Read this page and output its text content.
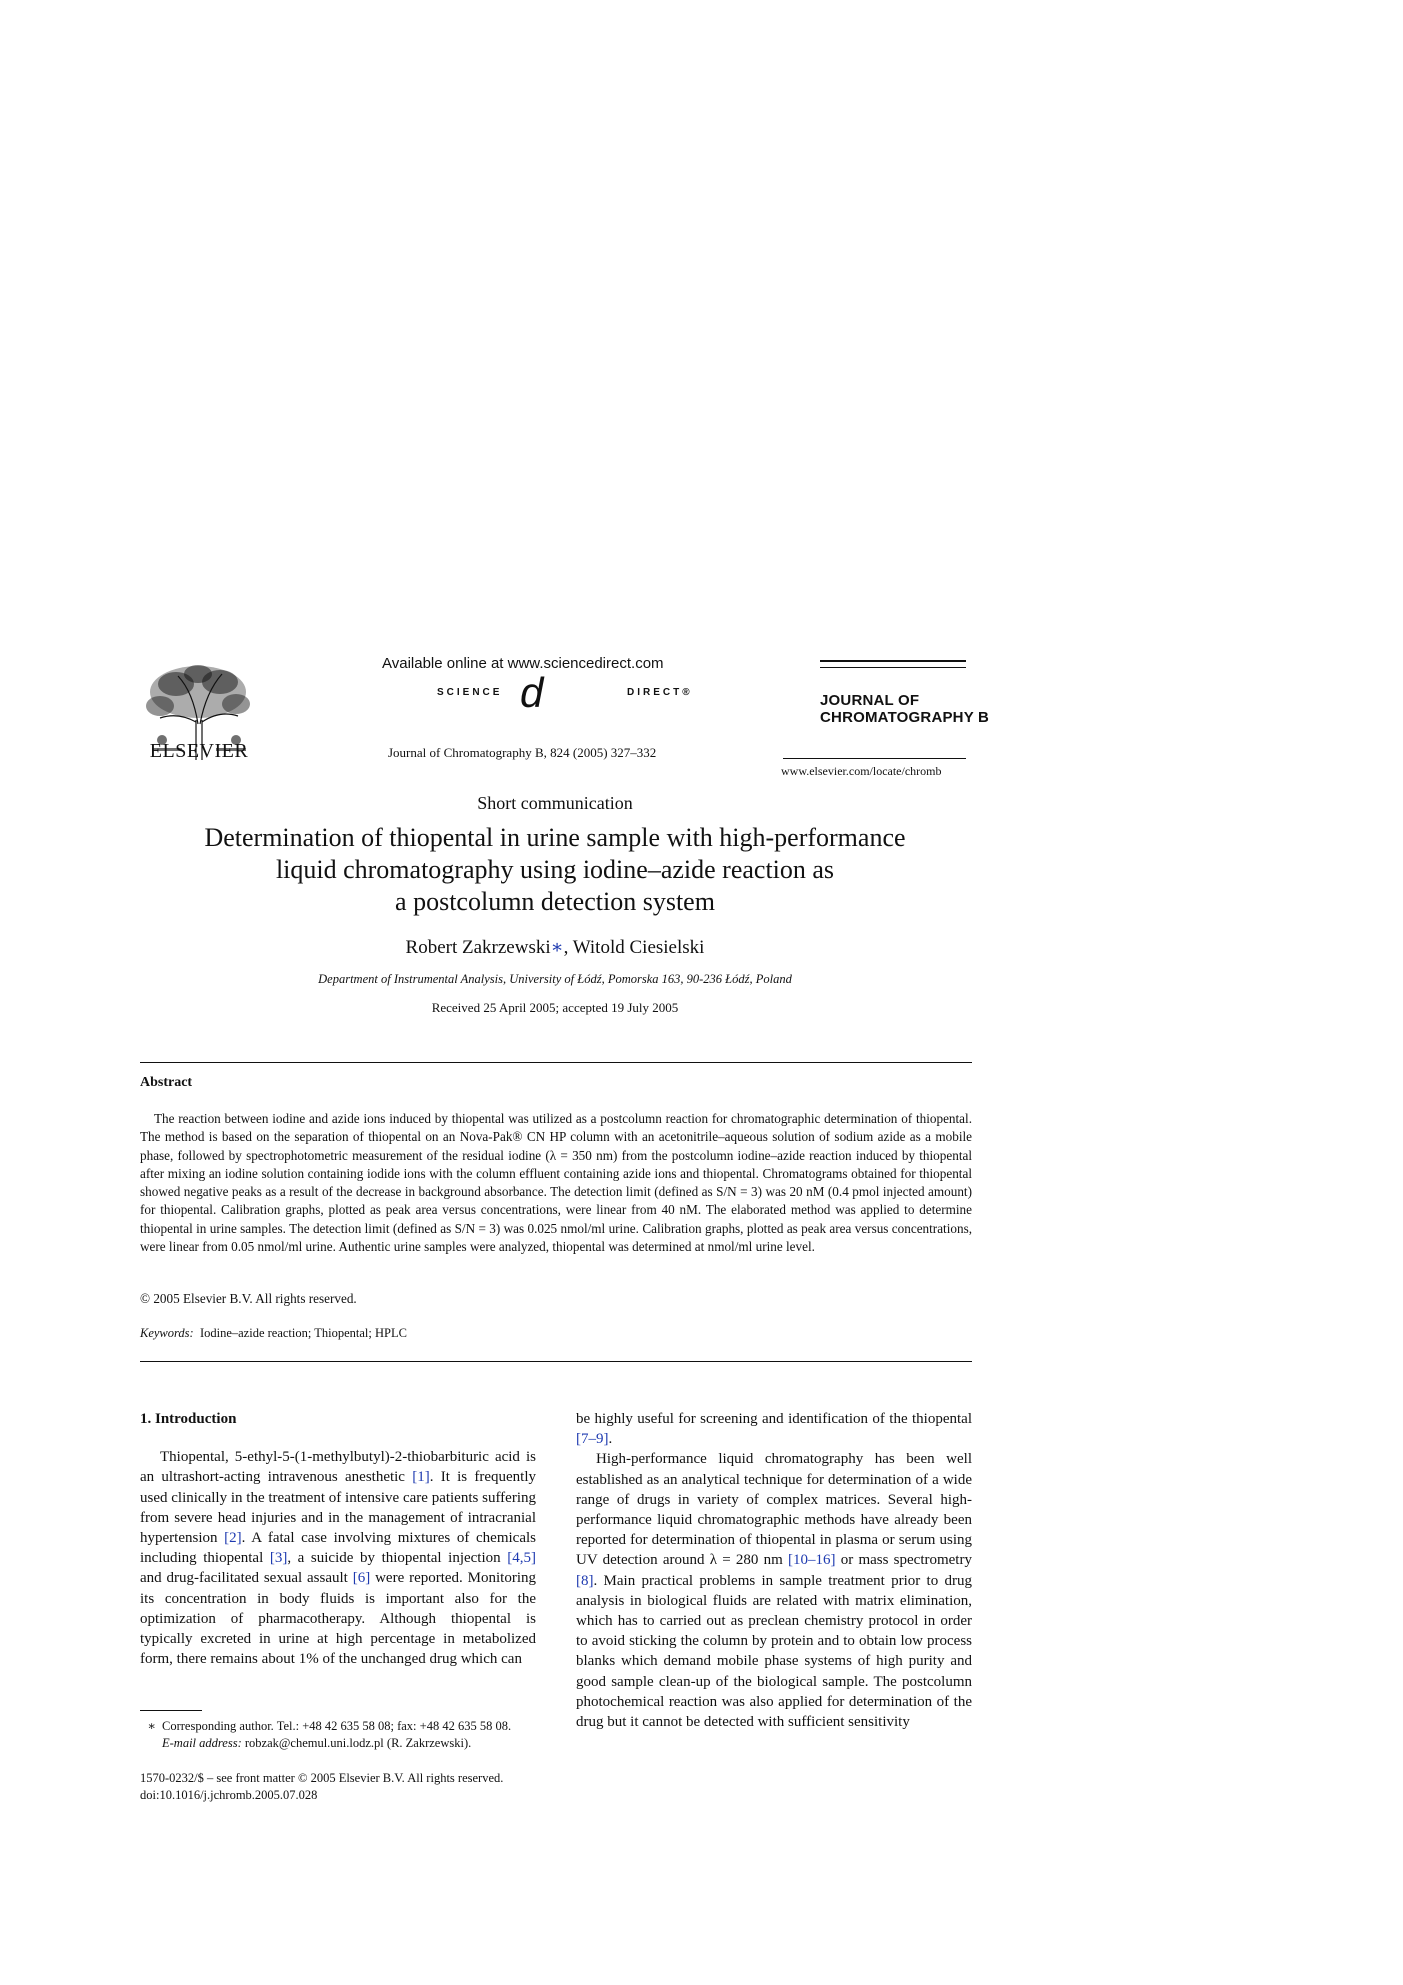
ELSEVIER
Available online at www.sciencedirect.com
SCIENCE d	DIRECT®
Journal of Chromatography B, 824 (2005) 327–332
JOURNAL OF
CHROMATOGRAPHY B
www.elsevier.com/locate/chromb
Short communication
Determination of thiopental in urine sample with high-performance
liquid chromatography using iodine–azide reaction as
a postcolumn detection system
Robert Zakrzewski∗, Witold Ciesielski
Department of Instrumental Analysis, University of Łódź, Pomorska 163, 90-236 Łódź, Poland
Received 25 April 2005; accepted 19 July 2005
Abstract

The reaction between iodine and azide ions induced by thiopental was utilized as a postcolumn reaction for chromatographic determination of thiopental. The method is based on the separation of thiopental on an Nova-Pak® CN HP column with an acetonitrile–aqueous solution of sodium azide as a mobile phase, followed by spectrophotometric measurement of the residual iodine (λ = 350 nm) from the postcolumn iodine–azide reaction induced by thiopental after mixing an iodine solution containing iodide ions with the column effluent containing azide ions and thiopental. Chromatograms obtained for thiopental showed negative peaks as a result of the decrease in background absorbance. The detection limit (defined as S/N = 3) was 20 nM (0.4 pmol injected amount) for thiopental. Calibration graphs, plotted as peak area versus concentrations, were linear from 40 nM. The elaborated method was applied to determine thiopental in urine samples. The detection limit (defined as S/N = 3) was 0.025 nmol/ml urine. Calibration graphs, plotted as peak area versus concentrations, were linear from 0.05 nmol/ml urine. Authentic urine samples were analyzed, thiopental was determined at nmol/ml urine level.

© 2005 Elsevier B.V. All rights reserved.
Keywords: Iodine–azide reaction; Thiopental; HPLC
1. Introduction

Thiopental, 5-ethyl-5-(1-methylbutyl)-2-thiobarbituric acid is an ultrashort-acting intravenous anesthetic [1]. It is frequently used clinically in the treatment of intensive care patients suffering from severe head injuries and in the management of intracranial hypertension [2]. A fatal case involving mixtures of chemicals including thiopental [3], a suicide by thiopental injection [4,5] and drug-facilitated sexual assault [6] were reported. Monitoring its concentration in body fluids is important also for the optimization of pharmacotherapy. Although thiopental is typically excreted in urine at high percentage in metabolized form, there remains about 1% of the unchanged drug which can

be highly useful for screening and identification of the thiopental [7–9].

High-performance liquid chromatography has been well established as an analytical technique for determination of a wide range of drugs in variety of complex matrices. Several high-performance liquid chromatographic methods have already been reported for determination of thiopental in plasma or serum using UV detection around λ = 280 nm [10–16] or mass spectrometry [8]. Main practical problems in sample treatment prior to drug analysis in biological fluids are related with matrix elimination, which has to carried out as preclean chemistry protocol in order to avoid sticking the column by protein and to obtain low process blanks which demand mobile phase systems of high purity and good sample clean-up of the biological sample. The postcolumn photochemical reaction was also applied for determination of the drug but it cannot be detected with sufficient sensitivity

∗ Corresponding author. Tel.: +48 42 635 58 08; fax: +48 42 635 58 08.
E-mail address: robzak@chemul.uni.lodz.pl (R. Zakrzewski).
1570-0232/$ – see front matter © 2005 Elsevier B.V. All rights reserved.
doi:10.1016/j.jchromb.2005.07.028
